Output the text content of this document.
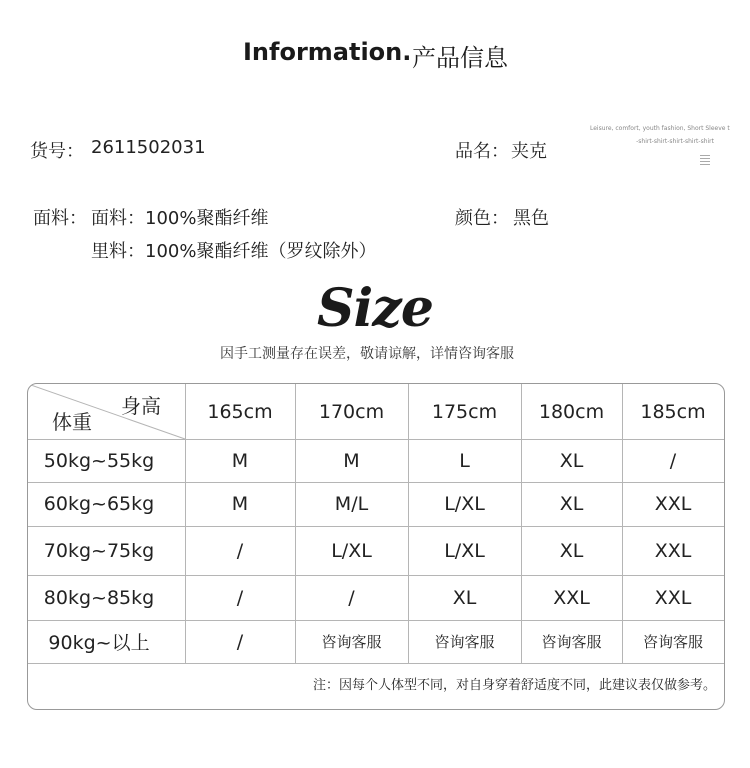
Information. 产品信息
货号： 2611502031	品名： 夹克
Leisure, comfort, youth fashion, Short Sleeve t
-shirt-shirt-shirt-shirt-shirt
面料： 面料：100%聚酯纤维
里料：100%聚酯纤维（罗纹除外）
颜色： 黑色
Size
因手工测量存在误差，敬请谅解，详情咨询客服
身高
体重	165cm	170cm	175cm	180cm	185cm
50kg~55kg	M	M	L	XL	/
60kg~65kg	M	M/L	L/XL	XL	XXL
70kg~75kg	/	L/XL	L/XL	XL	XXL
80kg~85kg	/	/	XL	XXL	XXL
90kg~以上	/	咨询客服	咨询客服	咨询客服	咨询客服
注：因每个人体型不同，对自身穿着舒适度不同，此建议表仅做参考。
